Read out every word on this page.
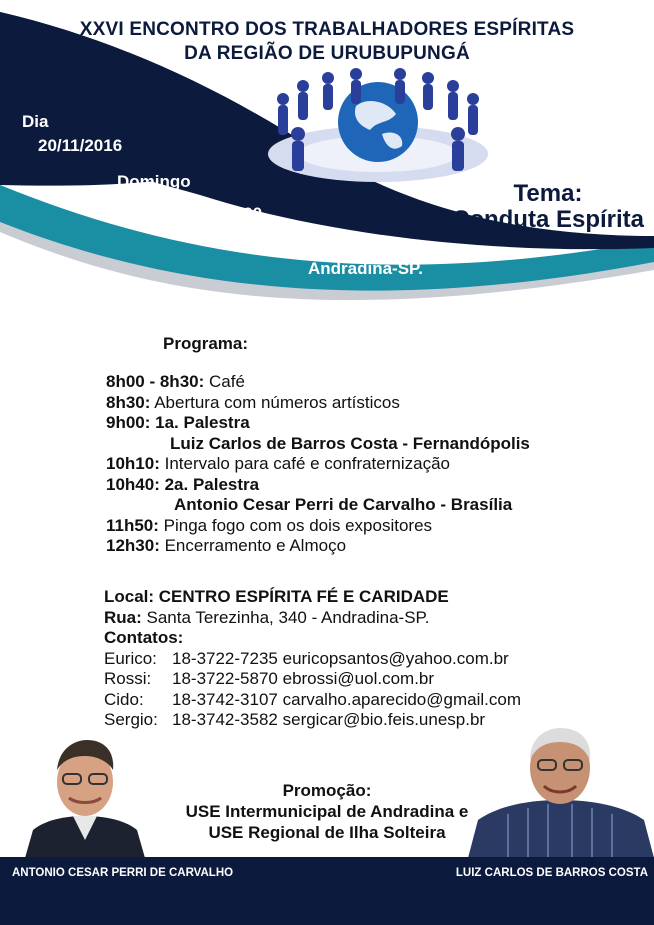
XXVI ENCONTRO DOS TRABALHADORES ESPÍRITAS
DA REGIÃO DE URUBUPUNGÁ
Dia
20/11/2016
Domingo
Das 08h00
às 12h30
Andradina-SP.
Tema:
Conduta Espírita
Programa:
8h00 - 8h30: Café
8h30: Abertura com números artísticos
9h00: 1a. Palestra
Luiz Carlos de Barros Costa - Fernandópolis
10h10: Intervalo para café e confraternização
10h40: 2a. Palestra
Antonio Cesar Perri de Carvalho - Brasília
11h50: Pinga fogo com os dois expositores
12h30: Encerramento e Almoço
Local: CENTRO ESPÍRITA FÉ E CARIDADE
Rua: Santa Terezinha, 340 - Andradina-SP.
Contatos:
Eurico: 18-3722-7235 euricopsantos@yahoo.com.br
Rossi: 18-3722-5870 ebrossi@uol.com.br
Cido: 18-3742-3107 carvalho.aparecido@gmail.com
Sergio: 18-3742-3582 sergicar@bio.feis.unesp.br
Promoção:
USE Intermunicipal de Andradina e
USE Regional de Ilha Solteira
ANTONIO CESAR PERRI DE CARVALHO	LUIZ CARLOS DE BARROS COSTA
